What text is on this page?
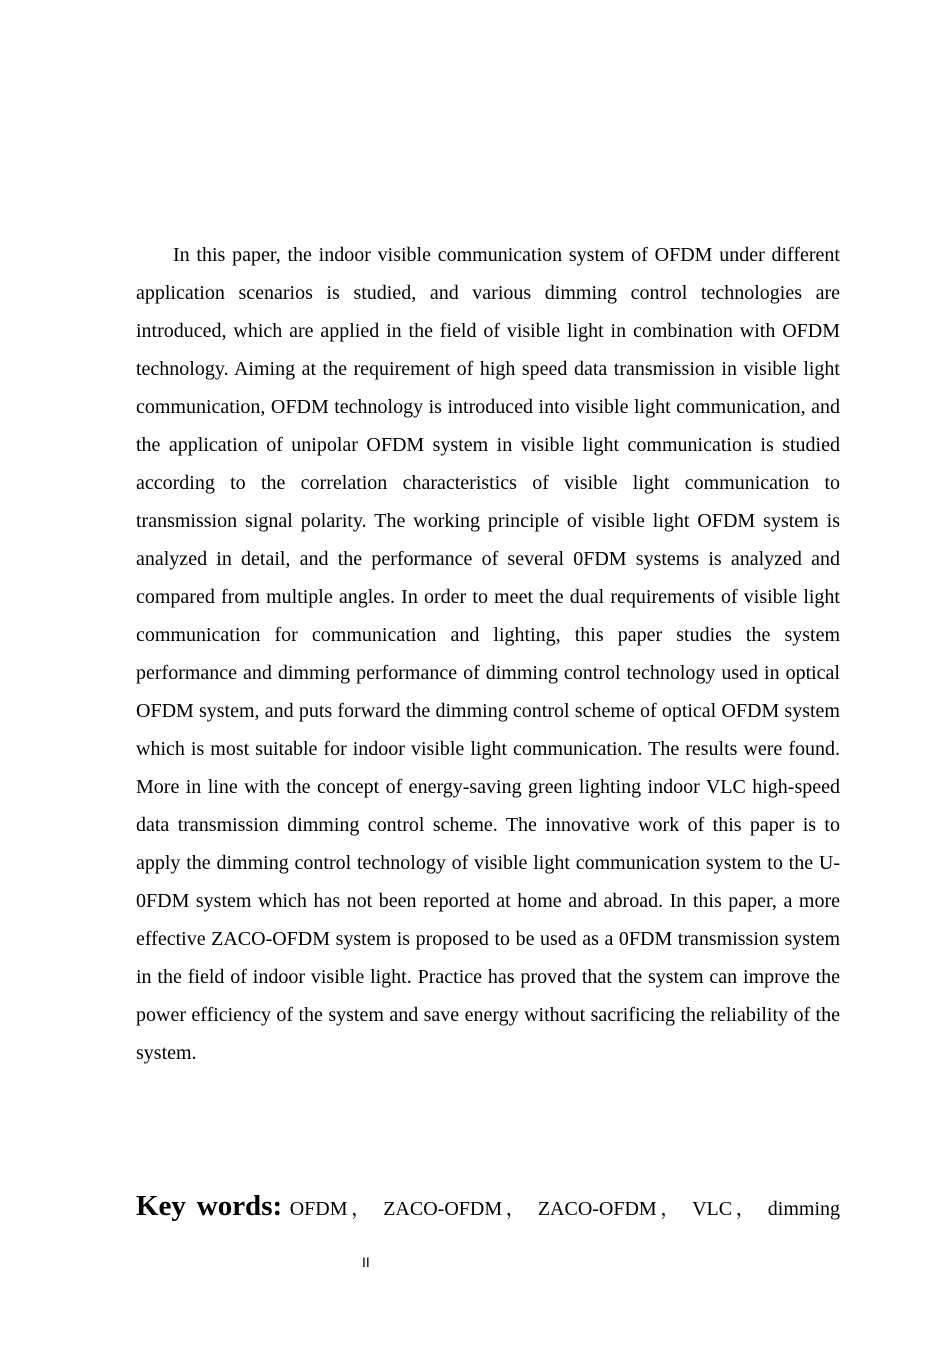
In this paper, the indoor visible communication system of OFDM under different application scenarios is studied, and various dimming control technologies are introduced, which are applied in the field of visible light in combination with OFDM technology. Aiming at the requirement of high speed data transmission in visible light communication, OFDM technology is introduced into visible light communication, and the application of unipolar OFDM system in visible light communication is studied according to the correlation characteristics of visible light communication to transmission signal polarity. The working principle of visible light OFDM system is analyzed in detail, and the performance of several 0FDM systems is analyzed and compared from multiple angles. In order to meet the dual requirements of visible light communication for communication and lighting, this paper studies the system performance and dimming performance of dimming control technology used in optical OFDM system, and puts forward the dimming control scheme of optical OFDM system which is most suitable for indoor visible light communication. The results were found. More in line with the concept of energy-saving green lighting indoor VLC high-speed data transmission dimming control scheme. The innovative work of this paper is to apply the dimming control technology of visible light communication system to the U-0FDM system which has not been reported at home and abroad. In this paper, a more effective ZACO-OFDM system is proposed to be used as a 0FDM transmission system in the field of indoor visible light. Practice has proved that the system can improve the power efficiency of the system and save energy without sacrificing the reliability of the system.

Key words: OFDM， ZACO-OFDM， ZACO-OFDM， VLC， dimming

II
